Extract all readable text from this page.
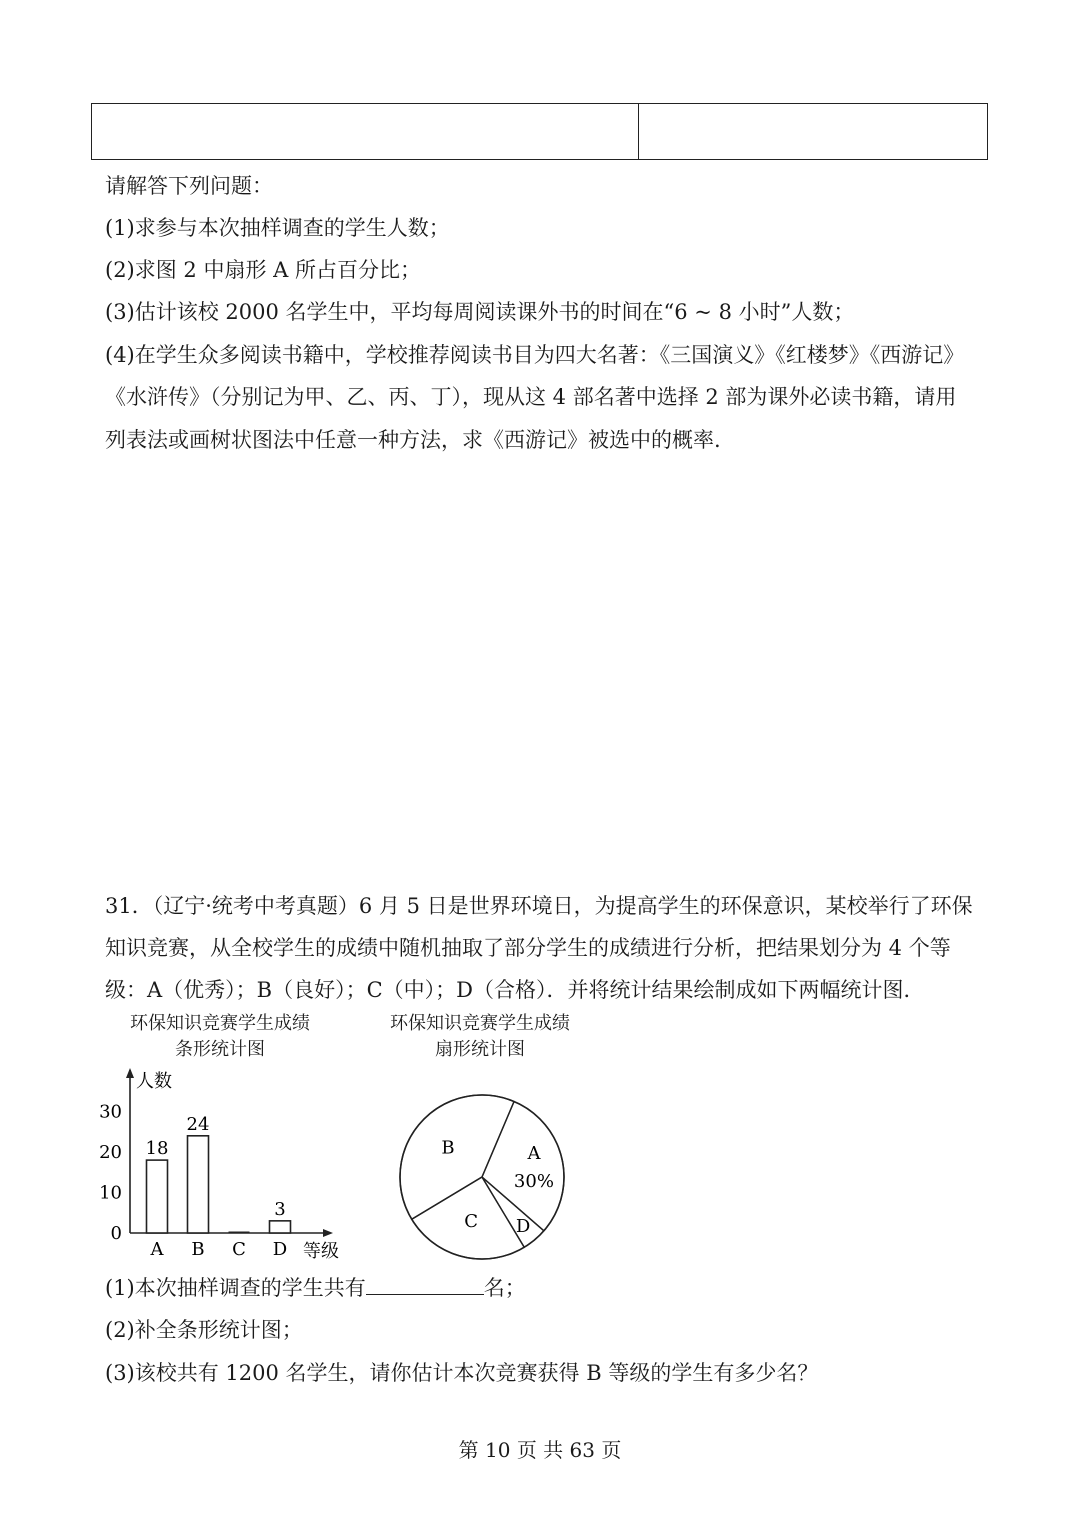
请解答下列问题：
(1)求参与本次抽样调查的学生人数；
(2)求图 2 中扇形 A 所占百分比；
(3)估计该校 2000 名学生中，平均每周阅读课外书的时间在“6 ~ 8 小时”人数；
(4)在学生众多阅读书籍中，学校推荐阅读书目为四大名著：《三国演义》《红楼梦》《西游记》
《水浒传》（分别记为甲、乙、丙、丁），现从这 4 部名著中选择 2 部为课外必读书籍，请用
列表法或画树状图法中任意一种方法，求《西游记》被选中的概率.
31．（辽宁·统考中考真题）6 月 5 日是世界环境日，为提高学生的环保意识，某校举行了环保
知识竞赛，从全校学生的成绩中随机抽取了部分学生的成绩进行分析，把结果划分为 4 个等
级：A（优秀）；B（良好）；C（中）；D（合格）．并将统计结果绘制成如下两幅统计图．
环保知识竞赛学生成绩
条形统计图
环保知识竞赛学生成绩
扇形统计图
人数
等级
0
10
20
30
18
A
24
B C
3
D
A
30%
D
C
B
(1)本次抽样调查的学生共有	名；
(2)补全条形统计图；
(3)该校共有 1200 名学生，请你估计本次竞赛获得 B 等级的学生有多少名？
第 10 页 共 63 页
